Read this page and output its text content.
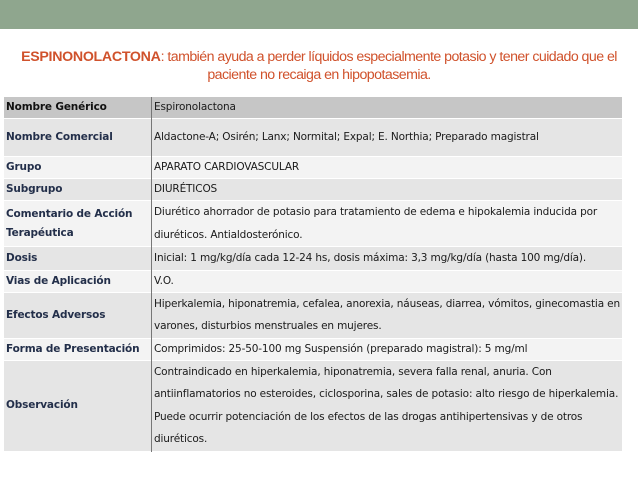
ESPINONOLACTONA: también ayuda a perder líquidos especialmente potasio y tener cuidado que el paciente no recaiga en hipopotasemia.
Nombre Genérico	Espironolactona
Nombre Comercial	Aldactone-A; Osirén; Lanx; Normital; Expal; E. Northia; Preparado magistral
Grupo	APARATO CARDIOVASCULAR
Subgrupo	DIURÉTICOS
Comentario de Acción Terapéutica	Diurético ahorrador de potasio para tratamiento de edema e hipokalemia inducida por diuréticos. Antialdosterónico.
Dosis	Inicial: 1 mg/kg/día cada 12-24 hs, dosis máxima: 3,3 mg/kg/día (hasta 100 mg/día).
Vias de Aplicación	V.O.
Efectos Adversos	Hiperkalemia, hiponatremia, cefalea, anorexia, náuseas, diarrea, vómitos, ginecomastia en varones, disturbios menstruales en mujeres.
Forma de Presentación	Comprimidos: 25-50-100 mg Suspensión (preparado magistral): 5 mg/ml
Observación	Contraindicado en hiperkalemia, hiponatremia, severa falla renal, anuria. Con antiinflamatorios no esteroides, ciclosporina, sales de potasio: alto riesgo de hiperkalemia. Puede ocurrir potenciación de los efectos de las drogas antihipertensivas y de otros diuréticos.
